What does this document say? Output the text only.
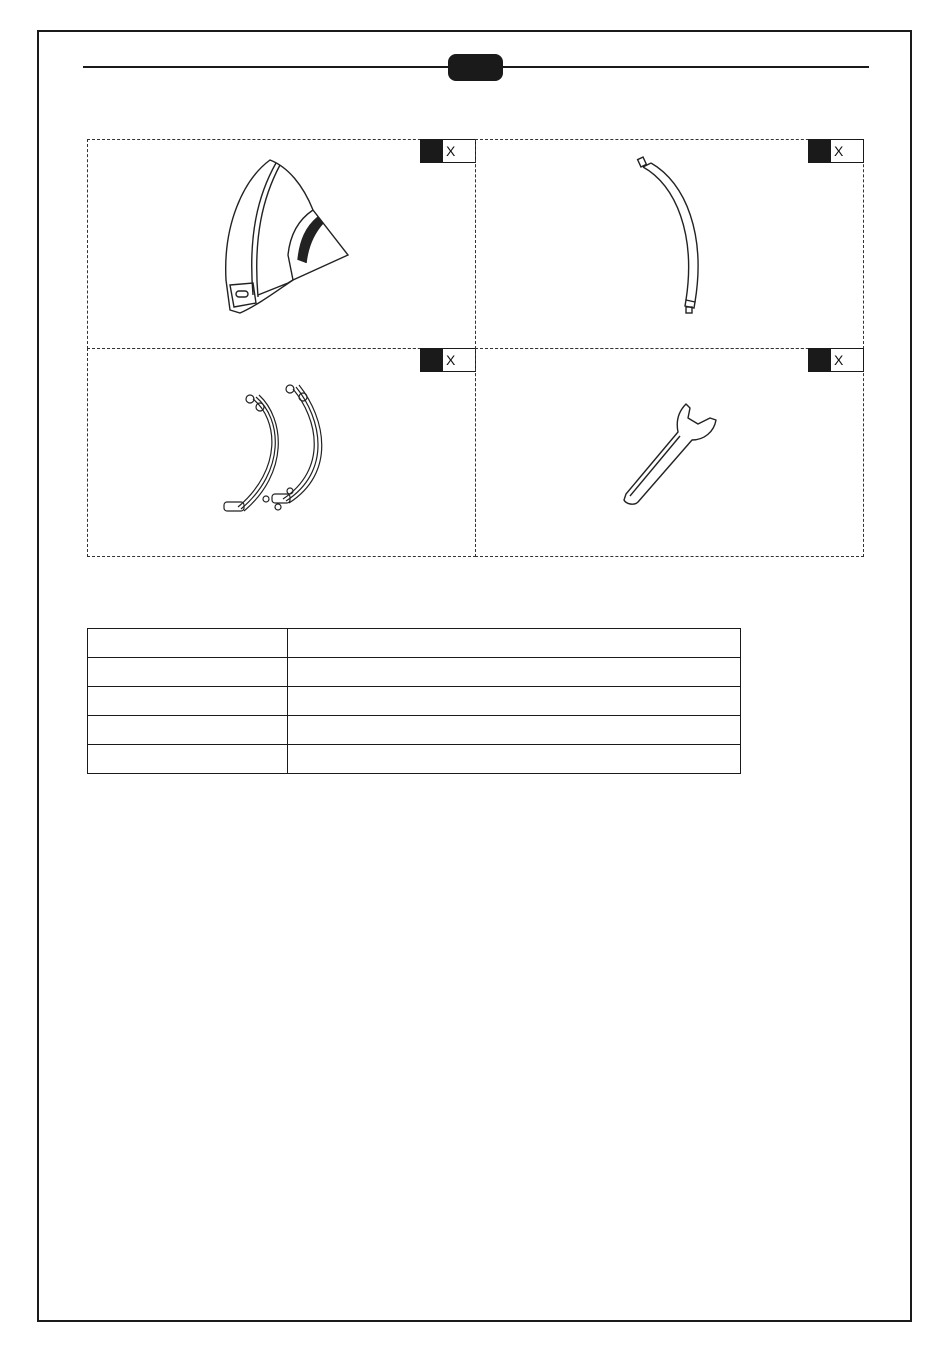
X	X
X	X
